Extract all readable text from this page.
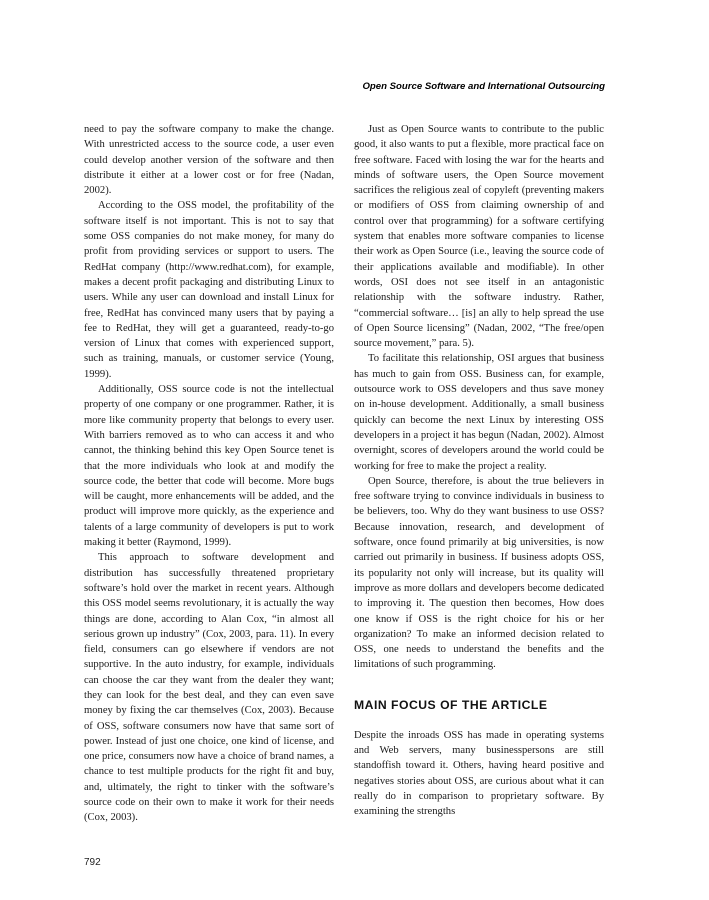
Open Source Software and International Outsourcing

need to pay the software company to make the change. With unrestricted access to the source code, a user even could develop another version of the software and then distribute it either at a lower cost or for free (Nadan, 2002).

According to the OSS model, the profitability of the software itself is not important. This is not to say that some OSS companies do not make money, for many do profit from providing services or support to users. The RedHat company (http://www.redhat.com), for example, makes a decent profit packaging and distributing Linux to users. While any user can download and install Linux for free, RedHat has convinced many users that by paying a fee to RedHat, they will get a guaranteed, ready-to-go version of Linux that comes with experienced support, such as training, manuals, or customer service (Young, 1999).

Additionally, OSS source code is not the intellectual property of one company or one programmer. Rather, it is more like community property that belongs to every user. With barriers removed as to who can access it and who cannot, the thinking behind this key Open Source tenet is that the more individuals who look at and modify the source code, the better that code will become. More bugs will be caught, more enhancements will be added, and the product will improve more quickly, as the experience and talents of a large community of developers is put to work making it better (Raymond, 1999).

This approach to software development and distribution has successfully threatened proprietary software’s hold over the market in recent years. Although this OSS model seems revolutionary, it is actually the way things are done, according to Alan Cox, “in almost all serious grown up industry” (Cox, 2003, para. 11). In every field, consumers can go elsewhere if vendors are not supportive. In the auto industry, for example, individuals can choose the car they want from the dealer they want; they can look for the best deal, and they can even save money by fixing the car themselves (Cox, 2003). Because of OSS, software consumers now have that same sort of power. Instead of just one choice, one kind of license, and one price, consumers now have a choice of brand names, a chance to test multiple products for the right fit and buy, and, ultimately, the right to tinker with the software’s source code on their own to make it work for their needs (Cox, 2003).

Just as Open Source wants to contribute to the public good, it also wants to put a flexible, more practical face on free software. Faced with losing the war for the hearts and minds of software users, the Open Source movement sacrifices the religious zeal of copyleft (preventing makers or modifiers of OSS from claiming ownership of and control over that programming) for a software certifying system that enables more software companies to license their work as Open Source (i.e., leaving the source code of their applications available and modifiable). In other words, OSI does not see itself in an antagonistic relationship with the software industry. Rather, “commercial software… [is] an ally to help spread the use of Open Source licensing” (Nadan, 2002, “The free/open source movement,” para. 5).

To facilitate this relationship, OSI argues that business has much to gain from OSS. Business can, for example, outsource work to OSS developers and thus save money on in-house development. Additionally, a small business quickly can become the next Linux by interesting OSS developers in a project it has begun (Nadan, 2002). Almost overnight, scores of developers around the world could be working for free to make the project a reality.

Open Source, therefore, is about the true believers in free software trying to convince individuals in business to be believers, too. Why do they want business to use OSS? Because innovation, research, and development of software, once found primarily at big universities, is now carried out primarily in business. If business adopts OSS, its popularity not only will increase, but its quality will improve as more dollars and developers become dedicated to improving it. The question then becomes, How does one know if OSS is the right choice for his or her organization? To make an informed decision related to OSS, one needs to understand the benefits and the limitations of such programming.

MAIN FOCUS OF THE ARTICLE

Despite the inroads OSS has made in operating systems and Web servers, many businesspersons are still standoffish toward it. Others, having heard positive and negatives stories about OSS, are curious about what it can really do in comparison to proprietary software. By examining the strengths

792
